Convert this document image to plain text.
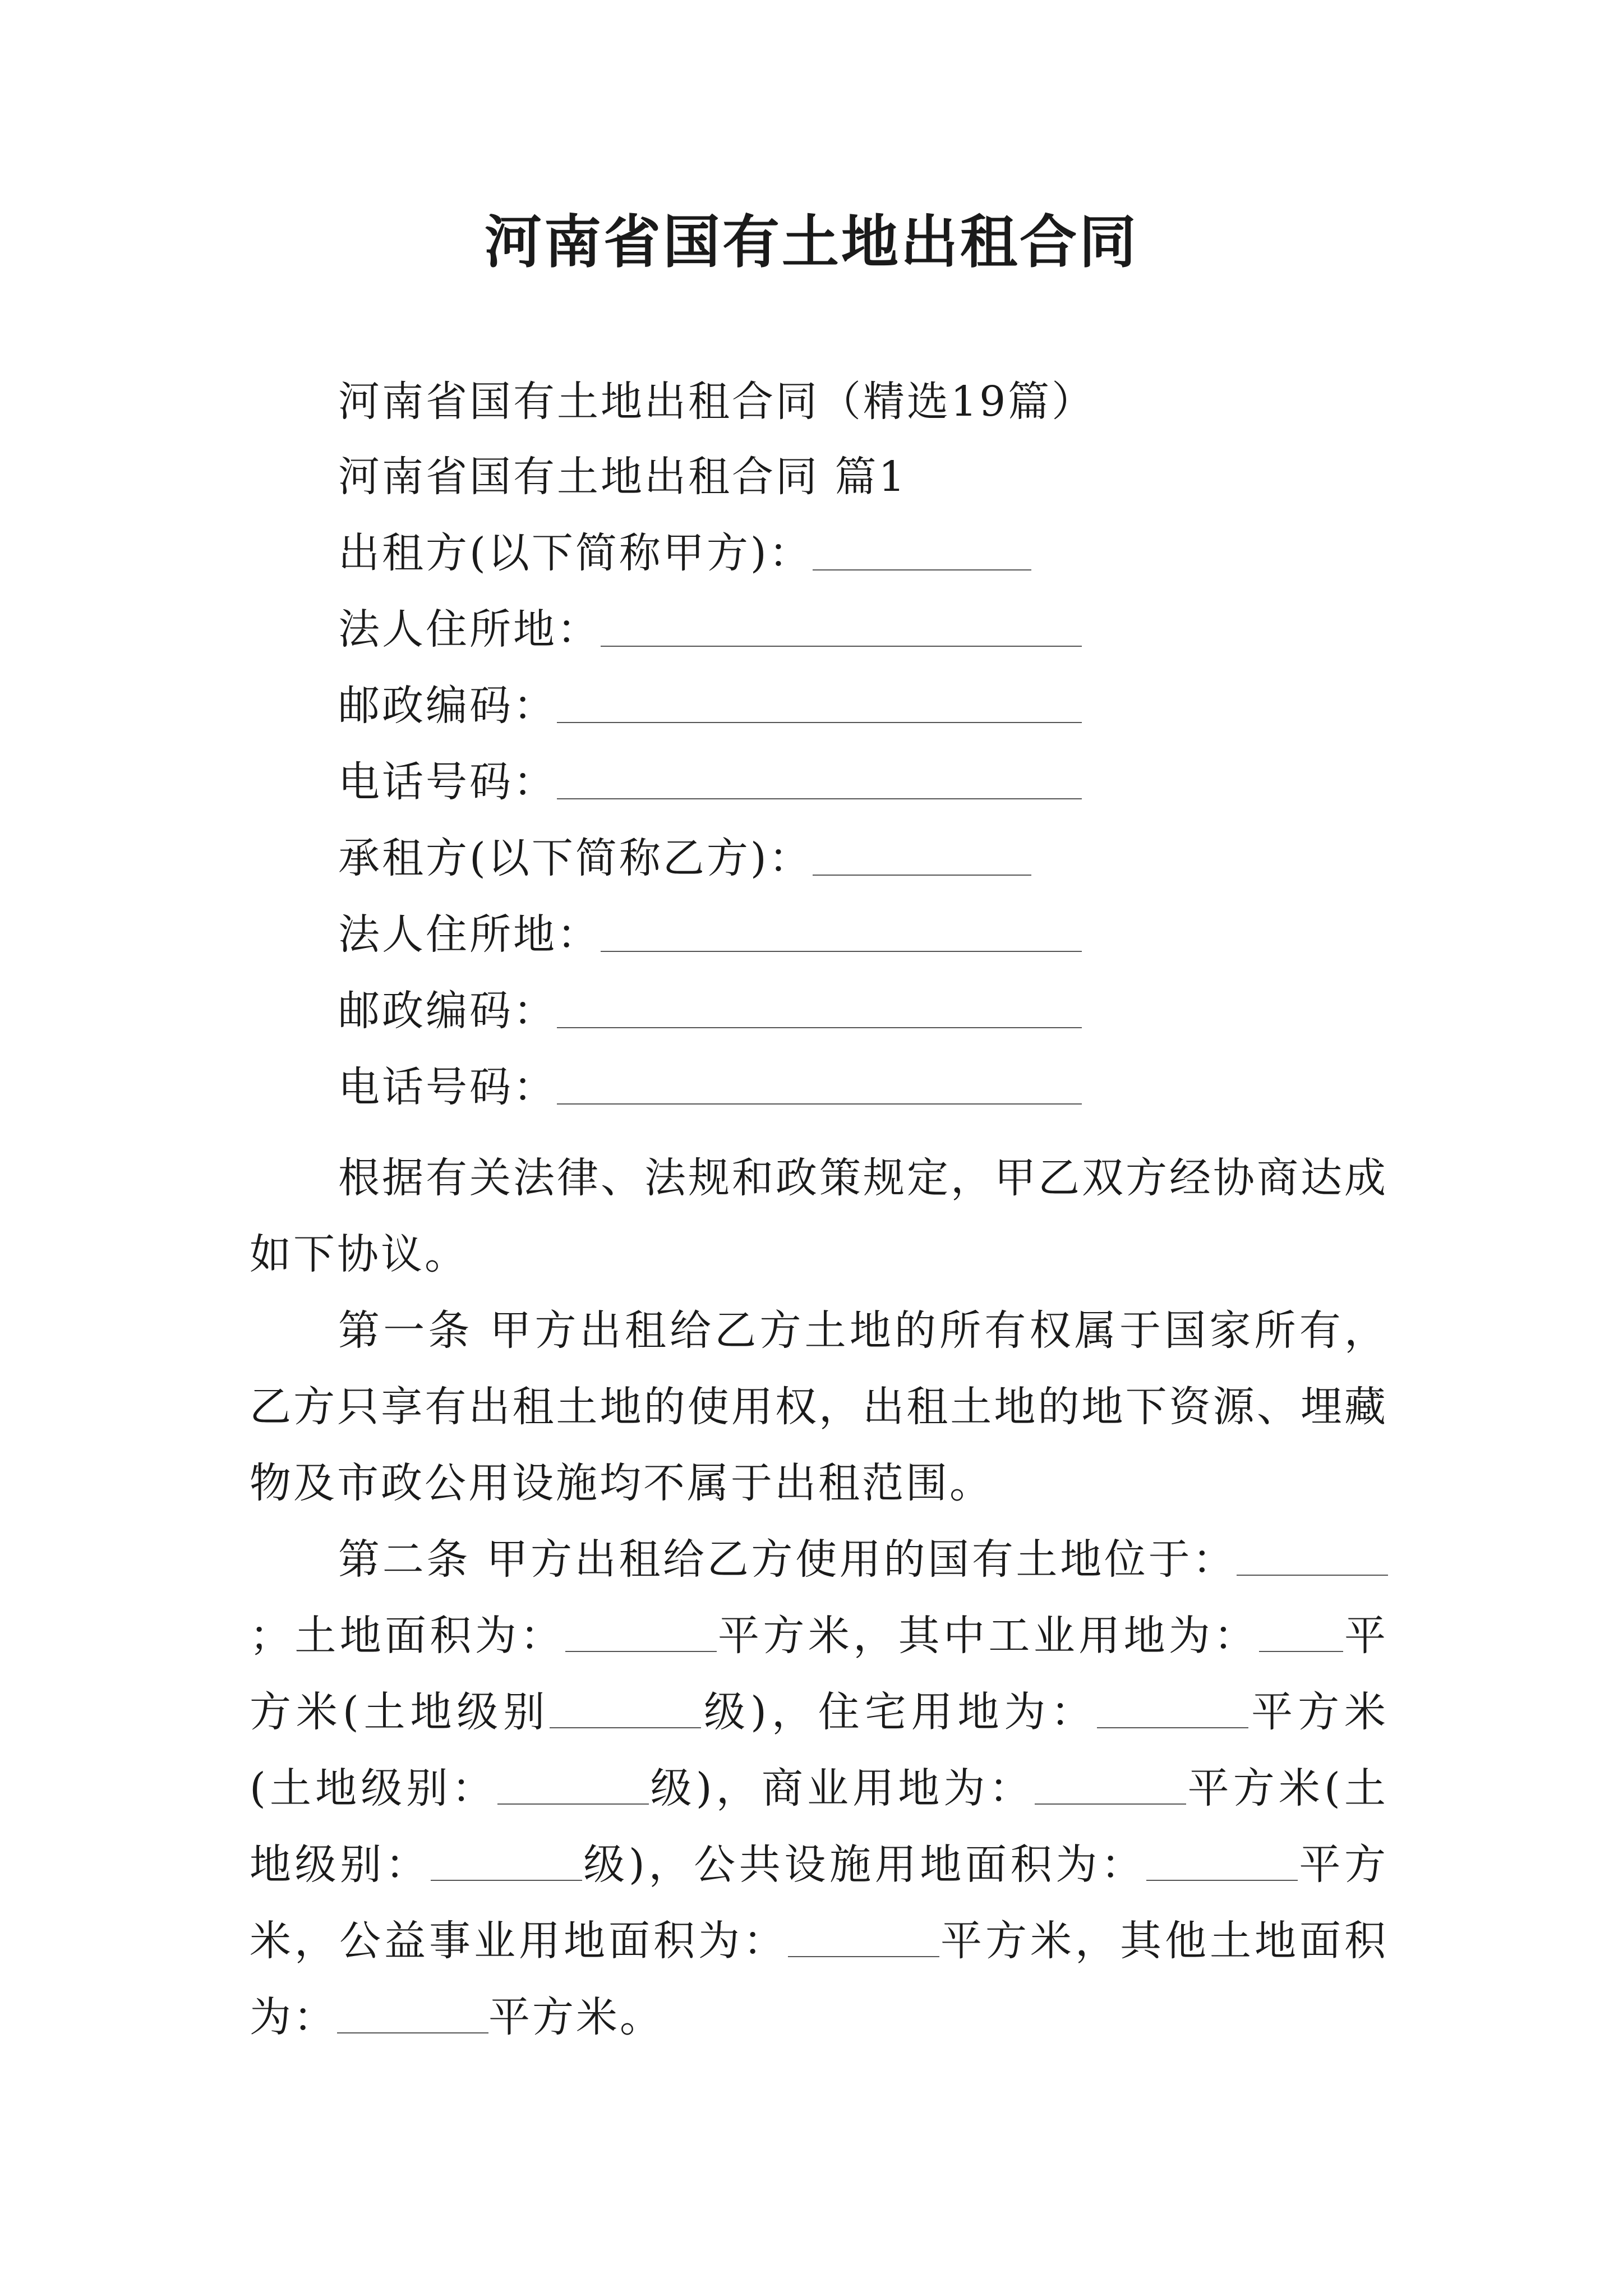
河南省国有土地出租合同
河南省国有土地出租合同（精选19篇）
河南省国有土地出租合同 篇1
出租方(以下简称甲方)：
法人住所地：
邮政编码：
电话号码：
承租方(以下简称乙方)：
法人住所地：
邮政编码：
电话号码：
根据有关法律、法规和政策规定，甲乙双方经协商达成如下协议。
第一条 甲方出租给乙方土地的所有权属于国家所有，乙方只享有出租土地的使用权，出租土地的地下资源、埋藏物及市政公用设施均不属于出租范围。
第二条 甲方出租给乙方使用的国有土地位于：；土地面积为：	平方米，其中工业用地为： 平方米(土地级别	级)，住宅用地为：	平方米(土地级别：	级)，商业用地为：	平方米(土地级别：	级)，公共设施用地面积为：	平方米，公益事业用地面积为：	平方米，其他土地面积为：	平方米。
